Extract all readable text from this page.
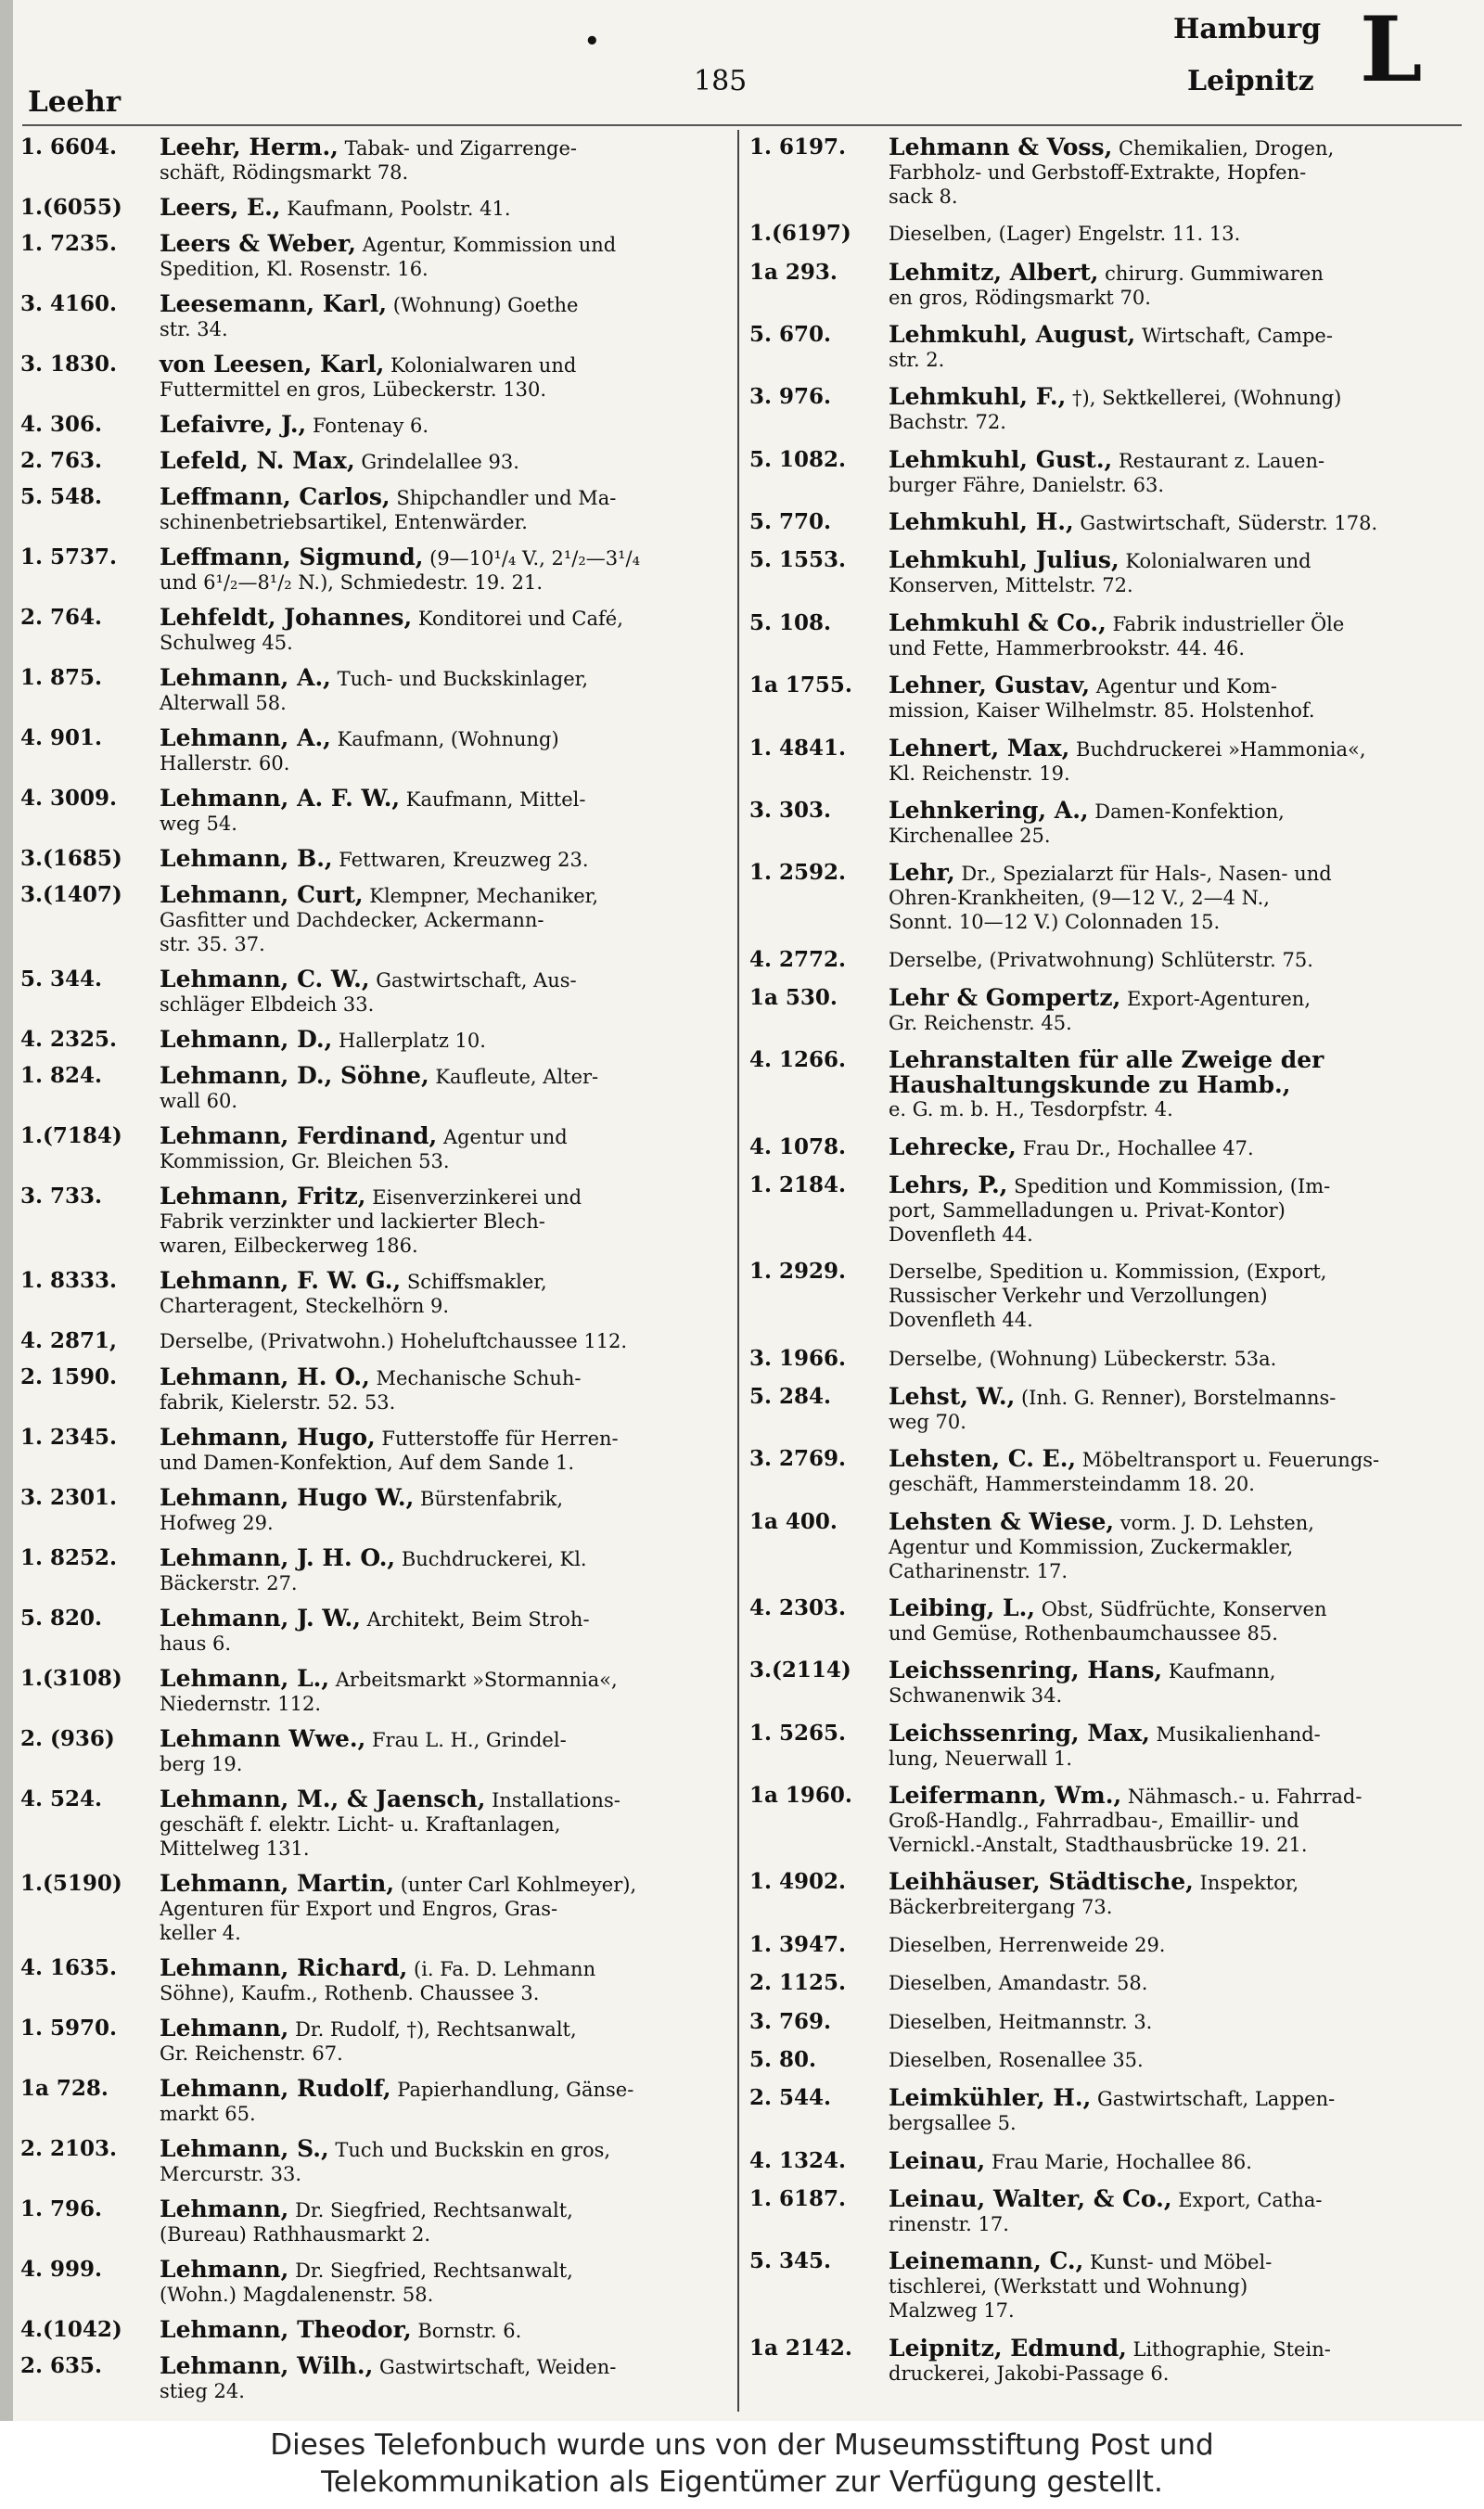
•
185
Leehr
Hamburg
Leipnitz L
1. 6604. Leehr, Herm., Tabak- und Zigarrenge-
schäft, Rödingsmarkt 78.
1.(6055) Leers, E., Kaufmann, Poolstr. 41.
1. 7235. Leers & Weber, Agentur, Kommission und
Spedition, Kl. Rosenstr. 16.
3. 4160. Leesemann, Karl, (Wohnung) Goethe
str. 34.
3. 1830. von Leesen, Karl, Kolonialwaren und
Futtermittel en gros, Lübeckerstr. 130.
4. 306. Lefaivre, J., Fontenay 6.
2. 763. Lefeld, N. Max, Grindelallee 93.
5. 548. Leffmann, Carlos, Shipchandler und Ma-
schinenbetriebsartikel, Entenwärder.
1. 5737. Leffmann, Sigmund, (9—10¹/₄ V., 2¹/₂—3¹/₄
und 6¹/₂—8¹/₂ N.), Schmiedestr. 19. 21.
2. 764. Lehfeldt, Johannes, Konditorei und Café,
Schulweg 45.
1. 875. Lehmann, A., Tuch- und Buckskinlager,
Alterwall 58.
4. 901. Lehmann, A., Kaufmann, (Wohnung)
Hallerstr. 60.
4. 3009. Lehmann, A. F. W., Kaufmann, Mittel-
weg 54.
3.(1685) Lehmann, B., Fettwaren, Kreuzweg 23.
3.(1407) Lehmann, Curt, Klempner, Mechaniker,
Gasfitter und Dachdecker, Ackermann-
str. 35. 37.
5. 344. Lehmann, C. W., Gastwirtschaft, Aus-
schläger Elbdeich 33.
4. 2325. Lehmann, D., Hallerplatz 10.
1. 824. Lehmann, D., Söhne, Kaufleute, Alter-
wall 60.
1.(7184) Lehmann, Ferdinand, Agentur und
Kommission, Gr. Bleichen 53.
3. 733. Lehmann, Fritz, Eisenverzinkerei und
Fabrik verzinkter und lackierter Blech-
waren, Eilbeckerweg 186.
1. 8333. Lehmann, F. W. G., Schiffsmakler,
Charteragent, Steckelhörn 9.
4. 2871, Derselbe, (Privatwohn.) Hoheluftchaussee 112.
2. 1590. Lehmann, H. O., Mechanische Schuh-
fabrik, Kielerstr. 52. 53.
1. 2345. Lehmann, Hugo, Futterstoffe für Herren-
und Damen-Konfektion, Auf dem Sande 1.
3. 2301. Lehmann, Hugo W., Bürstenfabrik,
Hofweg 29.
1. 8252. Lehmann, J. H. O., Buchdruckerei, Kl.
Bäckerstr. 27.
5. 820. Lehmann, J. W., Architekt, Beim Stroh-
haus 6.
1.(3108) Lehmann, L., Arbeitsmarkt »Stormannia«,
Niedernstr. 112.
2. (936) Lehmann Wwe., Frau L. H., Grindel-
berg 19.
4. 524. Lehmann, M., & Jaensch, Installations-
geschäft f. elektr. Licht- u. Kraftanlagen,
Mittelweg 131.
1.(5190) Lehmann, Martin, (unter Carl Kohlmeyer),
Agenturen für Export und Engros, Gras-
keller 4.
4. 1635. Lehmann, Richard, (i. Fa. D. Lehmann
Söhne), Kaufm., Rothenb. Chaussee 3.
1. 5970. Lehmann, Dr. Rudolf, †), Rechtsanwalt,
Gr. Reichenstr. 67.
1a 728. Lehmann, Rudolf, Papierhandlung, Gänse-
markt 65.
2. 2103. Lehmann, S., Tuch und Buckskin en gros,
Mercurstr. 33.
1. 796. Lehmann, Dr. Siegfried, Rechtsanwalt,
(Bureau) Rathhausmarkt 2.
4. 999. Lehmann, Dr. Siegfried, Rechtsanwalt,
(Wohn.) Magdalenenstr. 58.
4.(1042) Lehmann, Theodor, Bornstr. 6.
2. 635. Lehmann, Wilh., Gastwirtschaft, Weiden-
stieg 24.
1. 6197. Lehmann & Voss, Chemikalien, Drogen,
Farbholz- und Gerbstoff-Extrakte, Hopfen-
sack 8.
1.(6197) Dieselben, (Lager) Engelstr. 11. 13.
1a 293. Lehmitz, Albert, chirurg. Gummiwaren
en gros, Rödingsmarkt 70.
5. 670. Lehmkuhl, August, Wirtschaft, Campe-
str. 2.
3. 976. Lehmkuhl, F., †), Sektkellerei, (Wohnung)
Bachstr. 72.
5. 1082. Lehmkuhl, Gust., Restaurant z. Lauen-
burger Fähre, Danielstr. 63.
5. 770. Lehmkuhl, H., Gastwirtschaft, Süderstr. 178.
5. 1553. Lehmkuhl, Julius, Kolonialwaren und
Konserven, Mittelstr. 72.
5. 108. Lehmkuhl & Co., Fabrik industrieller Öle
und Fette, Hammerbrookstr. 44. 46.
1a 1755. Lehner, Gustav, Agentur und Kom-
mission, Kaiser Wilhelmstr. 85. Holstenhof.
1. 4841. Lehnert, Max, Buchdruckerei »Hammonia«,
Kl. Reichenstr. 19.
3. 303. Lehnkering, A., Damen-Konfektion,
Kirchenallee 25.
1. 2592. Lehr, Dr., Spezialarzt für Hals-, Nasen- und
Ohren-Krankheiten, (9—12 V., 2—4 N.,
Sonnt. 10—12 V.) Colonnaden 15.
4. 2772. Derselbe, (Privatwohnung) Schlüterstr. 75.
1a 530. Lehr & Gompertz, Export-Agenturen,
Gr. Reichenstr. 45.
4. 1266. Lehranstalten für alle Zweige der
Haushaltungskunde zu Hamb.,
e. G. m. b. H., Tesdorpfstr. 4.
4. 1078. Lehrecke, Frau Dr., Hochallee 47.
1. 2184. Lehrs, P., Spedition und Kommission, (Im-
port, Sammelladungen u. Privat-Kontor)
Dovenfleth 44.
1. 2929. Derselbe, Spedition u. Kommission, (Export,
Russischer Verkehr und Verzollungen)
Dovenfleth 44.
3. 1966. Derselbe, (Wohnung) Lübeckerstr. 53a.
5. 284. Lehst, W., (Inh. G. Renner), Borstelmanns-
weg 70.
3. 2769. Lehsten, C. E., Möbeltransport u. Feuerungs-
geschäft, Hammersteindamm 18. 20.
1a 400. Lehsten & Wiese, vorm. J. D. Lehsten,
Agentur und Kommission, Zuckermakler,
Catharinenstr. 17.
4. 2303. Leibing, L., Obst, Südfrüchte, Konserven
und Gemüse, Rothenbaumchaussee 85.
3.(2114) Leichssenring, Hans, Kaufmann,
Schwanenwik 34.
1. 5265. Leichssenring, Max, Musikalienhand-
lung, Neuerwall 1.
1a 1960. Leifermann, Wm., Nähmasch.- u. Fahrrad-
Groß-Handlg., Fahrradbau-, Emaillir- und
Vernickl.-Anstalt, Stadthausbrücke 19. 21.
1. 4902. Leihhäuser, Städtische, Inspektor,
Bäckerbreitergang 73.
1. 3947. Dieselben, Herrenweide 29.
2. 1125. Dieselben, Amandastr. 58.
3. 769.	Dieselben, Heitmannstr. 3.
5. 80.	Dieselben, Rosenallee 35.
2. 544. Leimkühler, H., Gastwirtschaft, Lappen-
bergsallee 5.
4. 1324. Leinau, Frau Marie, Hochallee 86.
1. 6187. Leinau, Walter, & Co., Export, Catha-
rinenstr. 17.
5. 345. Leinemann, C., Kunst- und Möbel-
tischlerei, (Werkstatt und Wohnung)
Malzweg 17.
1a 2142. Leipnitz, Edmund, Lithographie, Stein-
druckerei, Jakobi-Passage 6.
Dieses Telefonbuch wurde uns von der Museumsstiftung Post und
Telekommunikation als Eigentümer zur Verfügung gestellt.
